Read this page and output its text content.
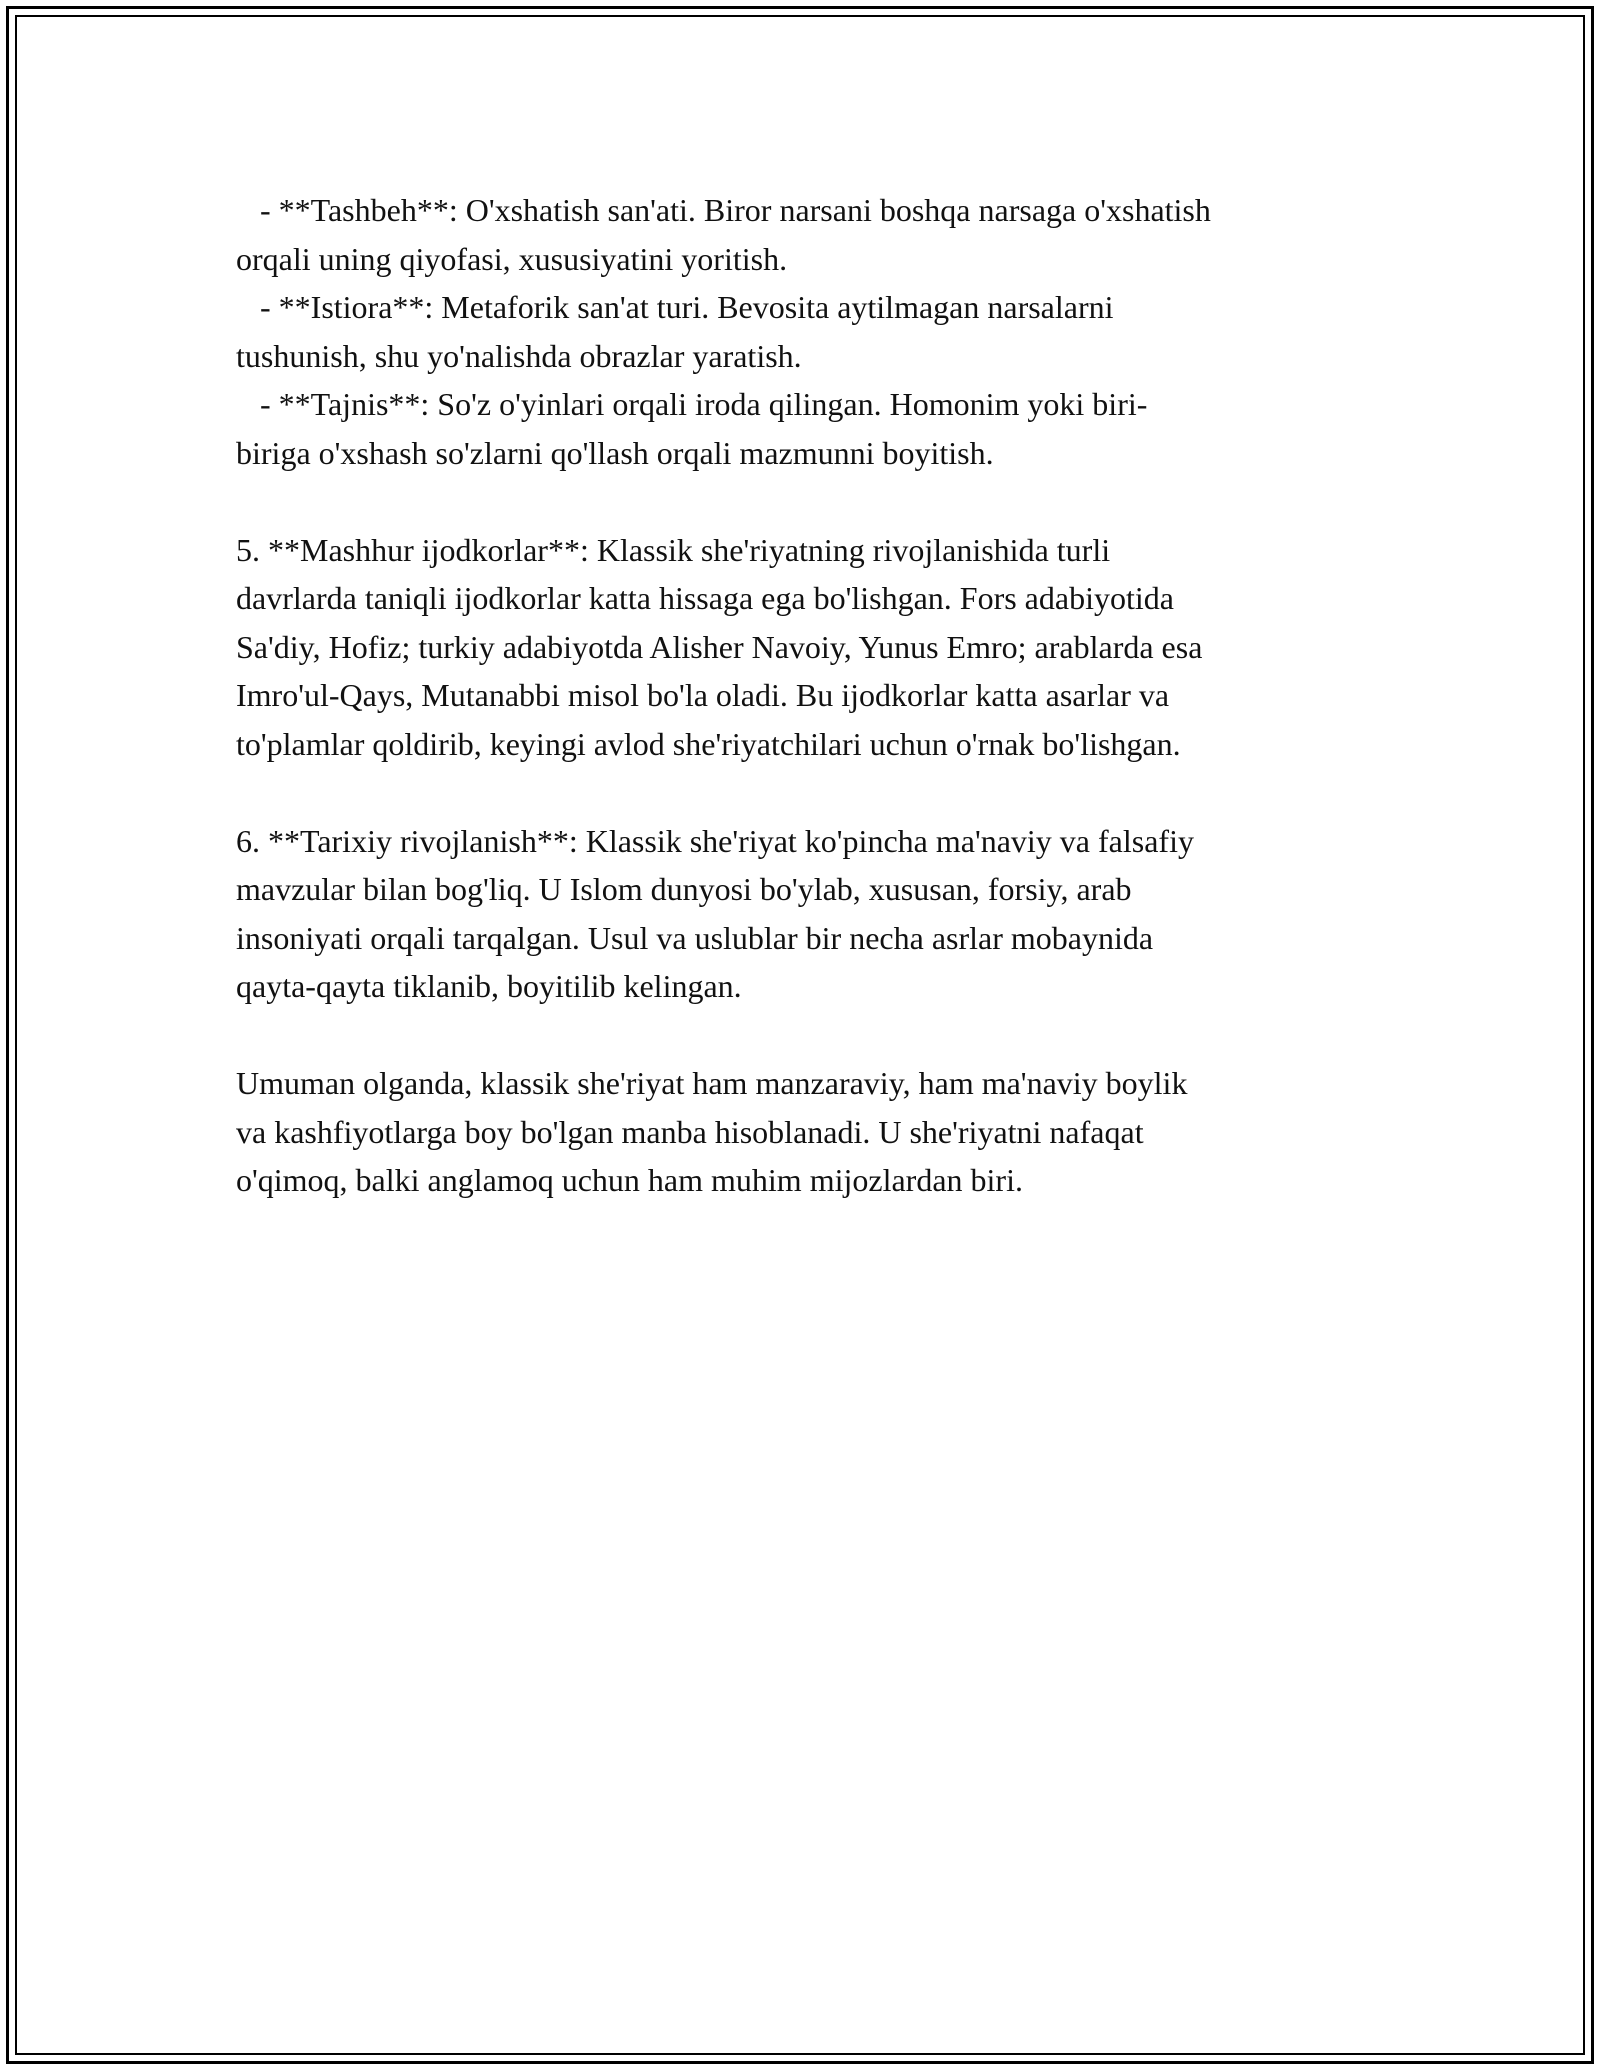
- **Tashbeh**: O'xshatish san'ati. Biror narsani boshqa narsaga o'xshatish
orqali uning qiyofasi, xususiyatini yoritish.
- **Istiora**: Metaforik san'at turi. Bevosita aytilmagan narsalarni
tushunish, shu yo'nalishda obrazlar yaratish.
- **Tajnis**: So'z o'yinlari orqali iroda qilingan. Homonim yoki biri-
biriga o'xshash so'zlarni qo'llash orqali mazmunni boyitish.
5. **Mashhur ijodkorlar**: Klassik she'riyatning rivojlanishida turli
davrlarda taniqli ijodkorlar katta hissaga ega bo'lishgan. Fors adabiyotida
Sa'diy, Hofiz; turkiy adabiyotda Alisher Navoiy, Yunus Emro; arablarda esa
Imro'ul-Qays, Mutanabbi misol bo'la oladi. Bu ijodkorlar katta asarlar va
to'plamlar qoldirib, keyingi avlod she'riyatchilari uchun o'rnak bo'lishgan.
6. **Tarixiy rivojlanish**: Klassik she'riyat ko'pincha ma'naviy va falsafiy
mavzular bilan bog'liq. U Islom dunyosi bo'ylab, xususan, forsiy, arab
insoniyati orqali tarqalgan. Usul va uslublar bir necha asrlar mobaynida
qayta-qayta tiklanib, boyitilib kelingan.
Umuman olganda, klassik she'riyat ham manzaraviy, ham ma'naviy boylik
va kashfiyotlarga boy bo'lgan manba hisoblanadi. U she'riyatni nafaqat
o'qimoq, balki anglamoq uchun ham muhim mijozlardan biri.
